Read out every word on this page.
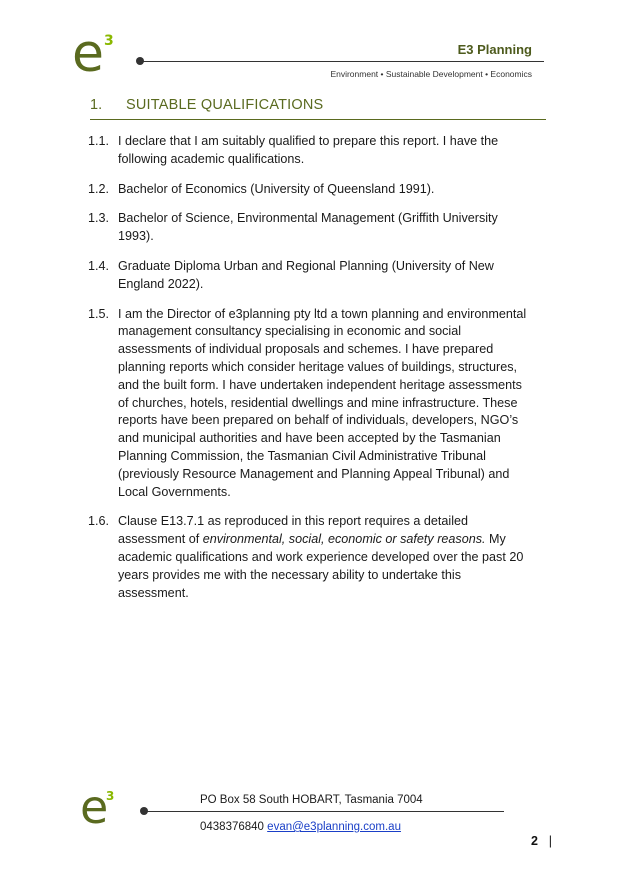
e 3
E3 Planning
Environment • Sustainable Development • Economics
1. SUITABLE QUALIFICATIONS
1.1. I declare that I am suitably qualified to prepare this report. I have the following academic qualifications.
1.2. Bachelor of Economics (University of Queensland 1991).
1.3. Bachelor of Science, Environmental Management (Griffith University 1993).
1.4. Graduate Diploma Urban and Regional Planning (University of New England 2022).
1.5. I am the Director of e3planning pty ltd a town planning and environmental management consultancy specialising in economic and social assessments of individual proposals and schemes. I have prepared planning reports which consider heritage values of buildings, structures, and the built form. I have undertaken independent heritage assessments of churches, hotels, residential dwellings and mine infrastructure. These reports have been prepared on behalf of individuals, developers, NGO’s and municipal authorities and have been accepted by the Tasmanian Planning Commission, the Tasmanian Civil Administrative Tribunal (previously Resource Management and Planning Appeal Tribunal) and Local Governments.
1.6. Clause E13.7.1 as reproduced in this report requires a detailed assessment of environmental, social, economic or safety reasons. My academic qualifications and work experience developed over the past 20 years provides me with the necessary ability to undertake this assessment.
e
3	PO Box 58 South HOBART, Tasmania 7004
0438376840 evan@e3planning.com.au
2 |
